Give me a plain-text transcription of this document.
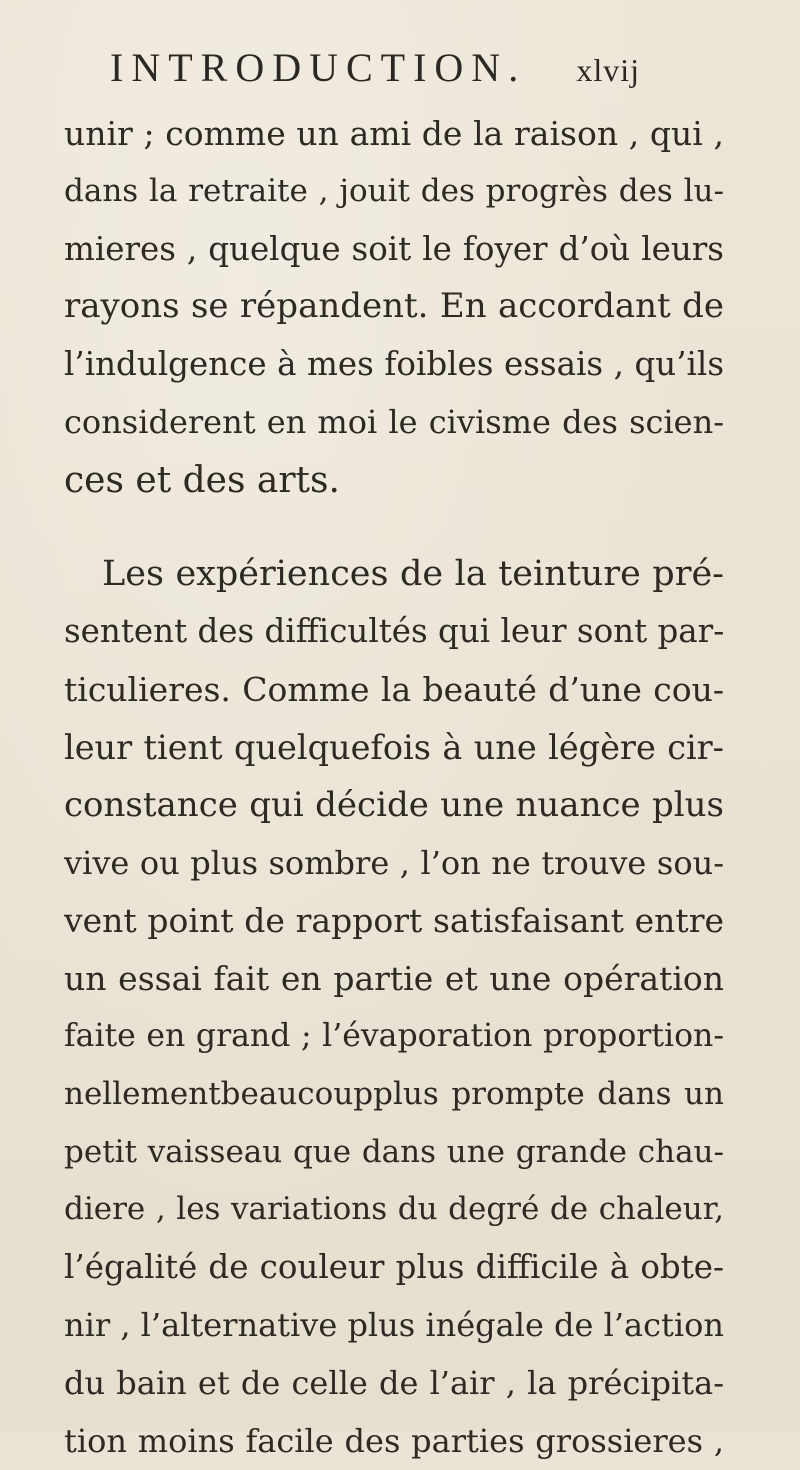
INTRODUCTION. xlvij
unir ; comme un ami de la raison , qui ,
dans la retraite , jouit des progrès des lu-
mieres , quelque soit le foyer d’où leurs
rayons se répandent. En accordant de
l’indulgence à mes foibles essais , qu’ils
considerent en moi le civisme des scien-
ces et des arts.
Les expériences de la teinture pré-
sentent des difficultés qui leur sont par-
ticulieres. Comme la beauté d’une cou-
leur tient quelquefois à une légère cir-
constance qui décide une nuance plus
vive ou plus sombre , l’on ne trouve sou-
vent point de rapport satisfaisant entre
un essai fait en partie et une opération
faite en grand ; l’évaporation proportion-
nellementbeaucoupplus prompte dans un
petit vaisseau que dans une grande chau-
diere , les variations du degré de chaleur,
l’égalité de couleur plus difficile à obte-
nir , l’alternative plus inégale de l’action
du bain et de celle de l’air , la précipita-
tion moins facile des parties grossieres ,
